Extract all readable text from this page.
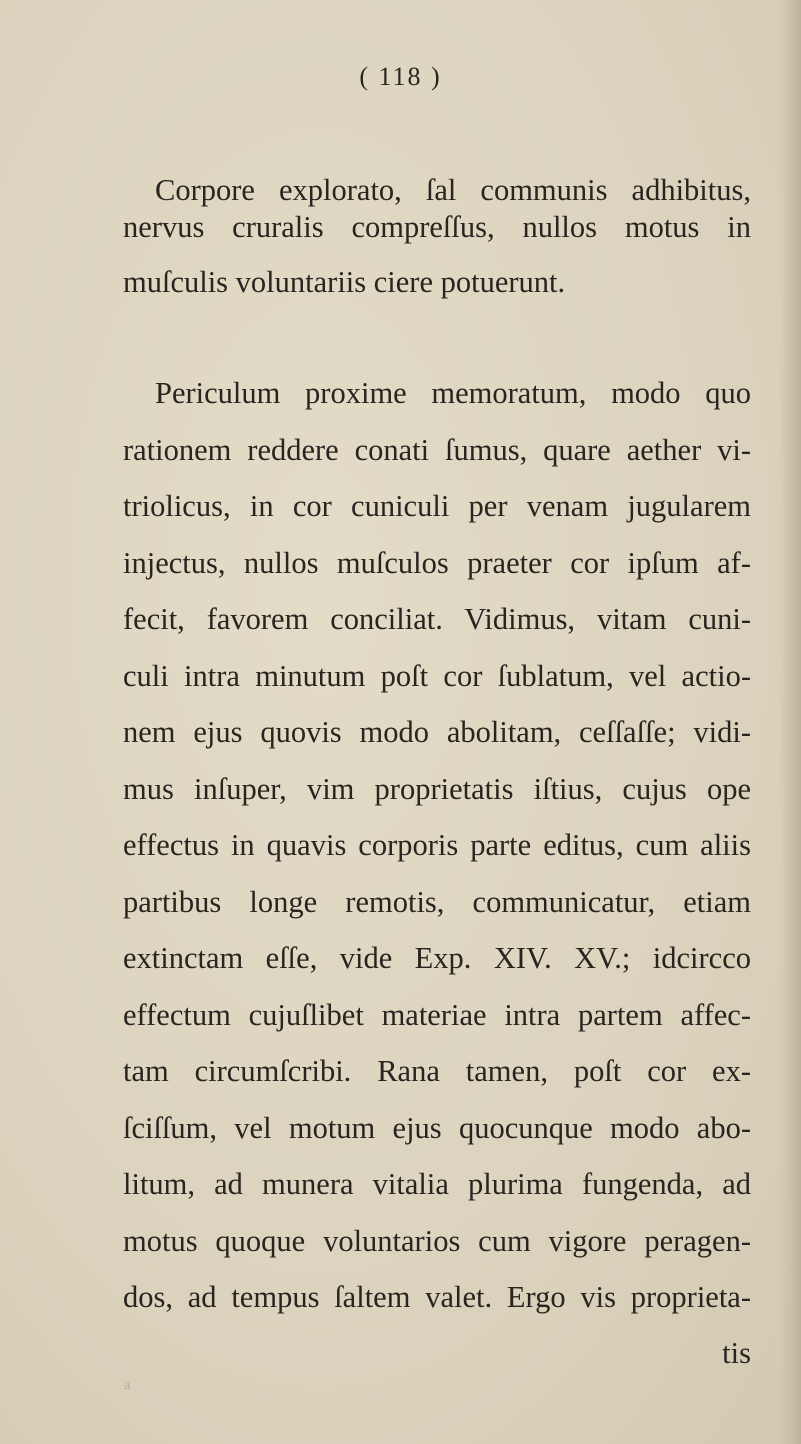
( 118 )
Corpore explorato, ſal communis adhibitus,
nervus cruralis compreſſus, nullos motus in
muſculis voluntariis ciere potuerunt.
Periculum proxime memoratum, modo quo
rationem reddere conati ſumus, quare aether vi-
triolicus, in cor cuniculi per venam jugularem
injectus, nullos muſculos praeter cor ipſum af-
fecit, favorem conciliat. Vidimus, vitam cuni-
culi intra minutum poſt cor ſublatum, vel actio-
nem ejus quovis modo abolitam, ceſſaſſe; vidi-
mus inſuper, vim proprietatis iſtius, cujus ope
effectus in quavis corporis parte editus, cum aliis
partibus longe remotis, communicatur, etiam
extinctam eſſe, vide Exp. XIV. XV.; idcircco
effectum cujuſlibet materiae intra partem affec-
tam circumſcribi. Rana tamen, poſt cor ex-
ſciſſum, vel motum ejus quocunque modo abo-
litum, ad munera vitalia plurima fungenda, ad
motus quoque voluntarios cum vigore peragen-
dos, ad tempus ſaltem valet. Ergo vis proprieta-
tis
a
